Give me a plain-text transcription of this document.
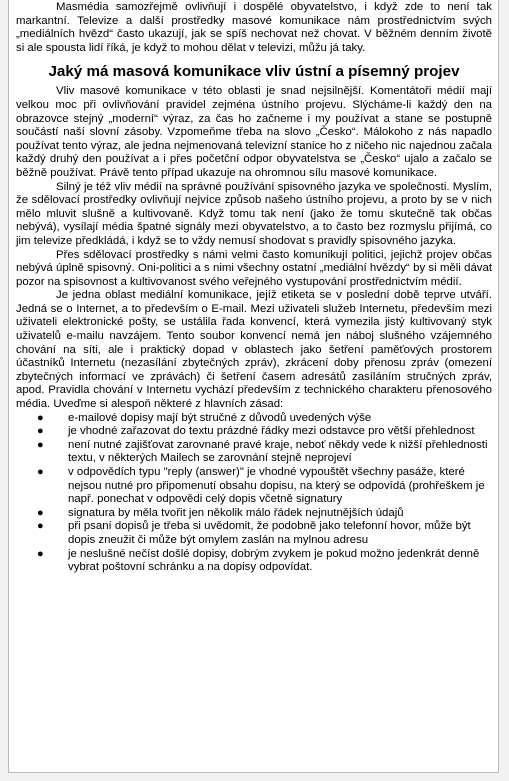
Masmédia samozřejmě ovlivňují i dospělé obyvatelstvo, i když zde to není tak markantní. Televize a další prostředky masové komunikace nám prostřednictvím svých „mediálních hvězd“ často ukazují, jak se spíš nechovat než chovat. V běžném denním životě si ale spousta lidí říká, je když to mohou dělat v televizi, můžu já taky.

Jaký má masová komunikace vliv ústní a písemný projev

Vliv masové komunikace v této oblasti je snad nejsilnější. Komentátoři médií mají velkou moc při ovlivňování pravidel zejména ústního projevu. Slýcháme-li každý den na obrazovce stejný „moderní“ výraz, za čas ho začneme i my používat a stane se postupně součástí naší slovní zásoby. Vzpomeňme třeba na slovo „Česko“. Málokoho z nás napadlo používat tento výraz, ale jedna nejmenovaná televizní stanice ho z ničeho nic najednou začala každý druhý den používat a i přes početční odpor obyvatelstva se „Česko“ ujalo a začalo se běžně používat. Právě tento případ ukazuje na ohromnou sílu masové komunikace.

Silný je též vliv médií na správné používání spisovného jazyka ve společnosti. Myslím, že sdělovací prostředky ovlivňují nejvíce způsob našeho ústního projevu, a proto by se v nich mělo mluvit slušně a kultivovaně. Když tomu tak není (jako že tomu skutečně tak občas nebývá), vysílají média špatné signály mezi obyvatelstvo, a to často bez rozmyslu přijímá, co jim televize předkládá, i když se to vždy nemusí shodovat s pravidly spisovného jazyka.

Přes sdělovací prostředky s námi velmi často komunikují politici, jejichž projev občas nebývá úplně spisovný. Oni-politici a s nimi všechny ostatní „mediální hvězdy“ by si měli dávat pozor na spisovnost a kultivovanost svého veřejného vystupování prostřednictvím médií.

Je jedna oblast mediální komunikace, jejíž etiketa se v poslední době teprve utváří. Jedná se o Internet, a to především o E-mail. Mezi uživateli služeb Internetu, především mezi uživateli elektronické pošty, se ustálila řada konvencí, která vymezila jistý kultivovaný styk uživatelů e-mailu navzájem. Tento soubor konvencí nemá jen náboj slušného vzájemného chování na síti, ale i praktický dopad v oblastech jako šetření paměťových prostorem účastníků Internetu (nezasílání zbytečných zpráv), zkrácení doby přenosu zpráv (omezení zbytečných informací ve zprávách) či šetření časem adresátů zasíláním stručných zpráv, apod. Pravidla chování v Internetu vychází především z technického charakteru přenosového média. Uveďme si alespoň některé z hlavních zásad:

● e-mailové dopisy mají být stručné z důvodů uvedených výše
● je vhodné zařazovat do textu prázdné řádky mezi odstavce pro větší přehlednost
● není nutné zajišťovat zarovnané pravé kraje, neboť někdy vede k nižší přehlednosti textu, v některých Mailech se zarovnání stejně neprojeví
● v odpovědích typu "reply (answer)" je vhodné vypouštět všechny pasáže, které nejsou nutné pro připomenutí obsahu dopisu, na který se odpovídá (prohřeškem je např. ponechat v odpovědi celý dopis včetně signatury
● signatura by měla tvořit jen několik málo řádek nejnutnějších údajů
● při psaní dopisů je třeba si uvědomit, že podobně jako telefonní hovor, může být dopis zneužit či může být omylem zaslán na mylnou adresu
● je neslušné nečíst došlé dopisy, dobrým zvykem je pokud možno jedenkrát denně vybrat poštovní schránku a na dopisy odpovídat.
